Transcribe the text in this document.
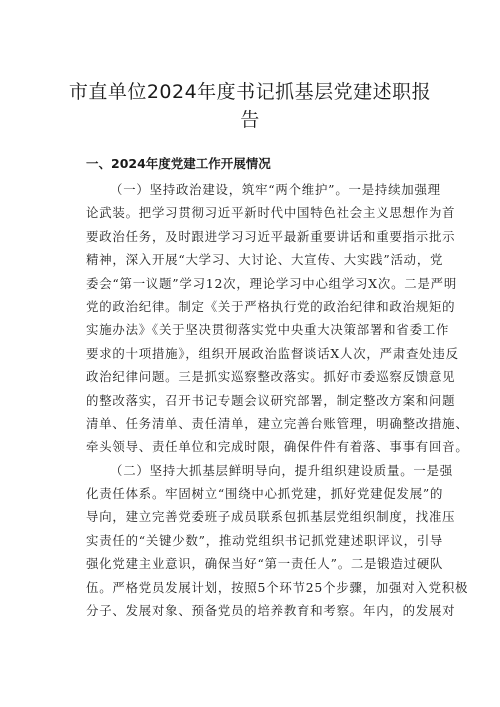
市直单位2024年度书记抓基层党建述职报
告
一、2024年度党建工作开展情况
（一）坚持政治建设，筑牢“两个维护”。一是持续加强理
论武装。把学习贯彻习近平新时代中国特色社会主义思想作为首
要政治任务，及时跟进学习习近平最新重要讲话和重要指示批示
精神，深入开展“大学习、大讨论、大宣传、大实践”活动，党
委会“第一议题”学习12次，理论学习中心组学习X次。二是严明
党的政治纪律。制定《关于严格执行党的政治纪律和政治规矩的
实施办法》《关于坚决贯彻落实党中央重大决策部署和省委工作
要求的十项措施》，组织开展政治监督谈话X人次，严肃查处违反
政治纪律问题。三是抓实巡察整改落实。抓好市委巡察反馈意见
的整改落实，召开书记专题会议研究部署，制定整改方案和问题
清单、任务清单、责任清单，建立完善台账管理，明确整改措施、
牵头领导、责任单位和完成时限，确保件件有着落、事事有回音。
（二）坚持大抓基层鲜明导向，提升组织建设质量。一是强
化责任体系。牢固树立“围绕中心抓党建，抓好党建促发展”的
导向，建立完善党委班子成员联系包抓基层党组织制度，找准压
实责任的“关键少数”，推动党组织书记抓党建述职评议，引导
强化党建主业意识，确保当好“第一责任人”。二是锻造过硬队
伍。严格党员发展计划，按照5个环节25个步骤，加强对入党积极
分子、发展对象、预备党员的培养教育和考察。年内，的发展对
